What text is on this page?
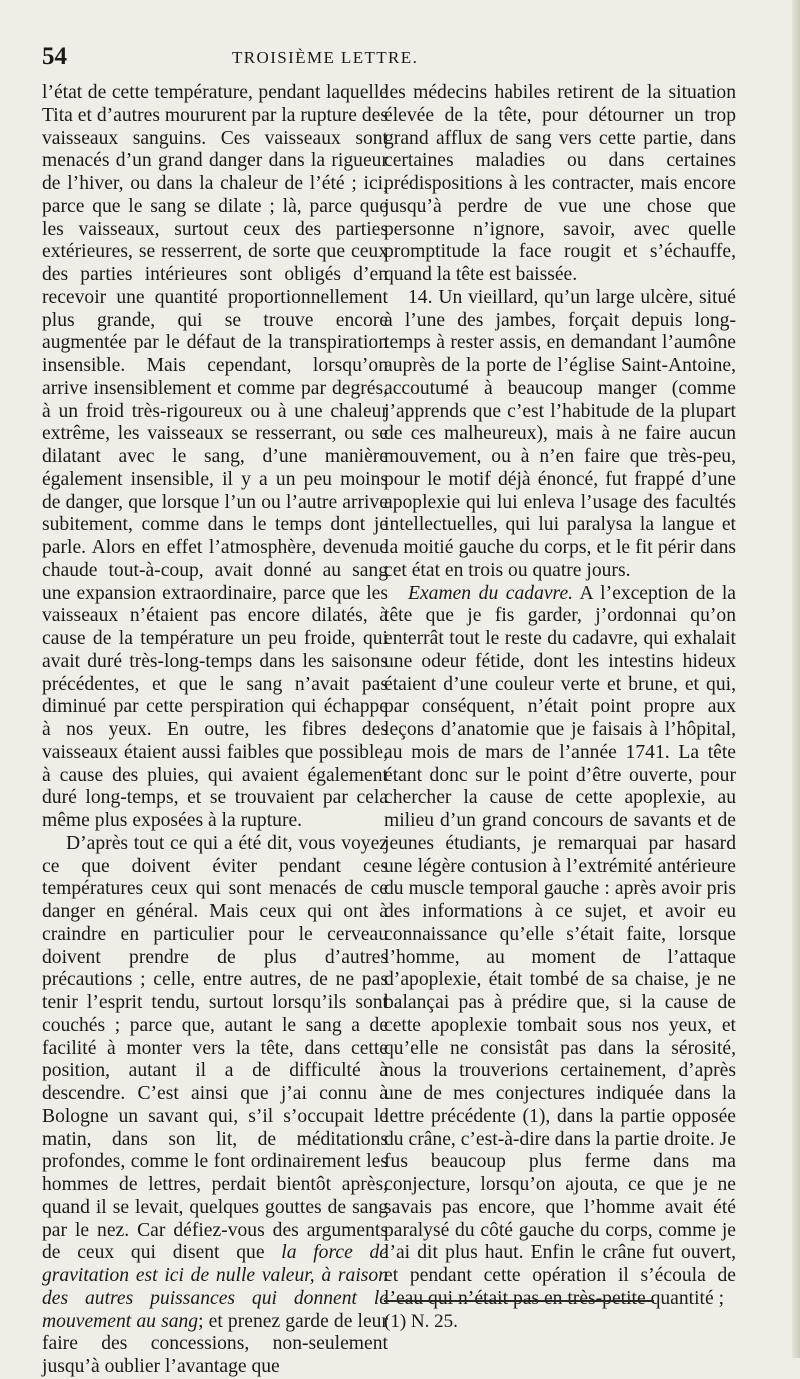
54	TROISIÈME LETTRE.

l’état de cette température, pendant laquelle Tita et d’autres moururent par la rupture des vaisseaux sanguins. Ces vaisseaux sont menacés d’un grand danger dans la rigueur de l’hiver, ou dans la chaleur de l’été ; ici, parce que le sang se dilate ; là, parce que les vaisseaux, surtout ceux des parties extérieures, se resserrent, de sorte que ceux des parties intérieures sont obligés d’en recevoir une quantité proportionnellement plus grande, qui se trouve encore augmentée par le défaut de la transpiration insensible. Mais cependant, lorsqu’on arrive insensiblement et comme par degrés, à un froid très-rigoureux ou à une chaleur extrême, les vaisseaux se resserrant, ou se dilatant avec le sang, d’une manière également insensible, il y a un peu moins de danger, que lorsque l’un ou l’autre arrive subitement, comme dans le temps dont je parle. Alors en effet l’atmosphère, devenue chaude tout-à-coup, avait donné au sang une expansion extraordinaire, parce que les vaisseaux n’étaient pas encore dilatés, à cause de la température un peu froide, qui avait duré très-long-temps dans les saisons précédentes, et que le sang n’avait pas diminué par cette perspiration qui échappe à nos yeux. En outre, les fibres des vaisseaux étaient aussi faibles que possible, à cause des pluies, qui avaient également duré long-temps, et se trouvaient par cela même plus exposées à la rupture.

D’après tout ce qui a été dit, vous voyez ce que doivent éviter pendant ces températures ceux qui sont menacés de ce danger en général. Mais ceux qui ont à craindre en particulier pour le cerveau doivent prendre de plus d’autres précautions ; celle, entre autres, de ne pas tenir l’esprit tendu, surtout lorsqu’ils sont couchés ; parce que, autant le sang a de facilité à monter vers la tête, dans cette position, autant il a de difficulté à descendre. C’est ainsi que j’ai connu à Bologne un savant qui, s’il s’occupait le matin, dans son lit, de méditations profondes, comme le font ordinairement les hommes de lettres, perdait bientôt après, quand il se levait, quelques gouttes de sang par le nez. Car défiez-vous des arguments de ceux qui disent que la force de gravitation est ici de nulle valeur, à raison des autres puissances qui donnent le mouvement au sang; et prenez garde de leur faire des concessions, non-seulement jusqu’à oublier l’avantage que

les médecins habiles retirent de la situation élevée de la tête, pour détourner un trop grand afflux de sang vers cette partie, dans certaines maladies ou dans certaines prédispositions à les contracter, mais encore jusqu’à perdre de vue une chose que personne n’ignore, savoir, avec quelle promptitude la face rougit et s’échauffe, quand la tête est baissée.

14. Un vieillard, qu’un large ulcère, situé à l’une des jambes, forçait depuis long-temps à rester assis, en demandant l’aumône auprès de la porte de l’église Saint-Antoine, accoutumé à beaucoup manger (comme j’apprends que c’est l’habitude de la plupart de ces malheureux), mais à ne faire aucun mouvement, ou à n’en faire que très-peu, pour le motif déjà énoncé, fut frappé d’une apoplexie qui lui enleva l’usage des facultés intellectuelles, qui lui paralysa la langue et la moitié gauche du corps, et le fit périr dans cet état en trois ou quatre jours.

Examen du cadavre. A l’exception de la tête que je fis garder, j’ordonnai qu’on enterrât tout le reste du cadavre, qui exhalait une odeur fétide, dont les intestins hideux étaient d’une couleur verte et brune, et qui, par conséquent, n’était point propre aux leçons d’anatomie que je faisais à l’hôpital, au mois de mars de l’année 1741. La tête étant donc sur le point d’être ouverte, pour chercher la cause de cette apoplexie, au milieu d’un grand concours de savants et de jeunes étudiants, je remarquai par hasard une légère contusion à l’extrémité antérieure du muscle temporal gauche : après avoir pris des informations à ce sujet, et avoir eu connaissance qu’elle s’était faite, lorsque l’homme, au moment de l’attaque d’apoplexie, était tombé de sa chaise, je ne balançai pas à prédire que, si la cause de cette apoplexie tombait sous nos yeux, et qu’elle ne consistât pas dans la sérosité, nous la trouverions certainement, d’après une de mes conjectures indiquée dans la lettre précédente (1), dans la partie opposée du crâne, c’est-à-dire dans la partie droite. Je fus beaucoup plus ferme dans ma conjecture, lorsqu’on ajouta, ce que je ne savais pas encore, que l’homme avait été paralysé du côté gauche du corps, comme je l’ai dit plus haut. Enfin le crâne fut ouvert, et pendant cette opération il s’écoula de l’eau qui n’était pas en très-petite quantité ;

(1) N. 25.
